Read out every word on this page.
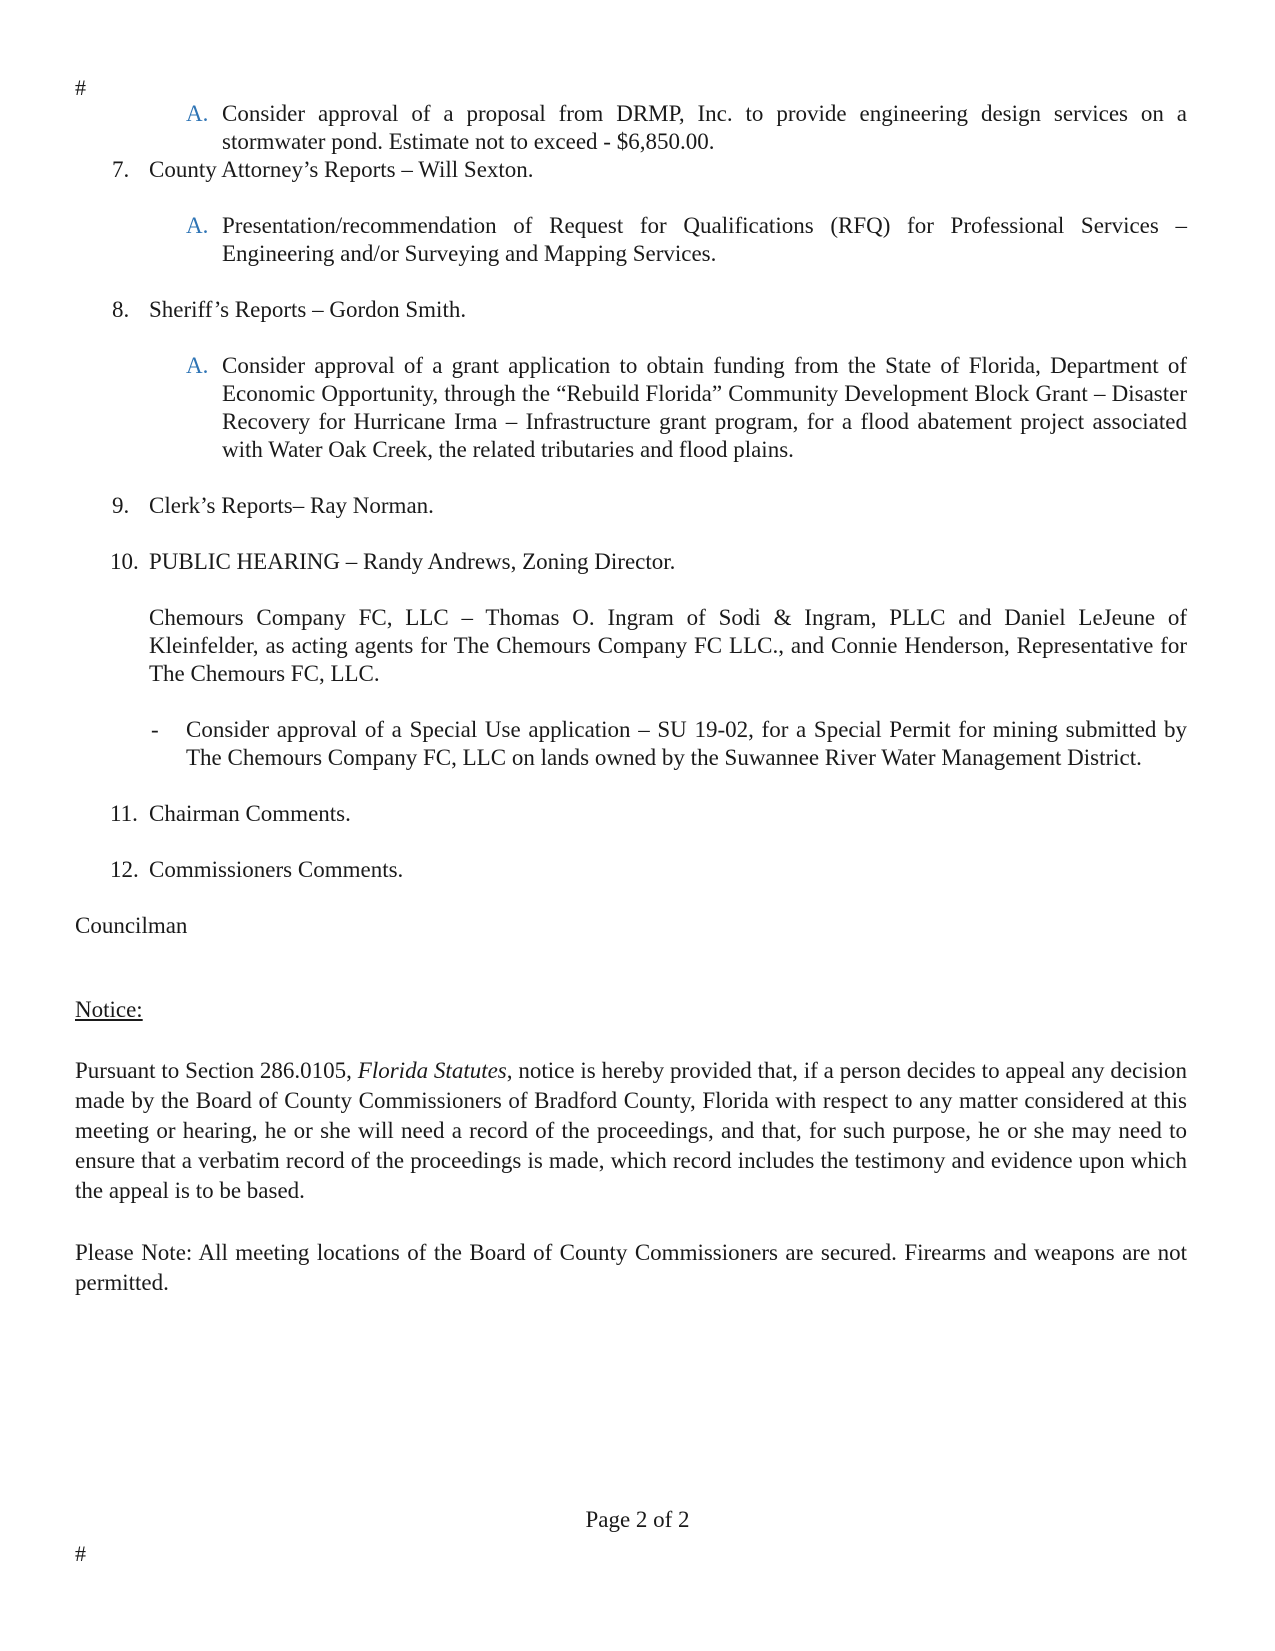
#
A. Consider approval of a proposal from DRMP, Inc. to provide engineering design services on a stormwater pond. Estimate not to exceed - $6,850.00.
7. County Attorney’s Reports – Will Sexton.
A. Presentation/recommendation of Request for Qualifications (RFQ) for Professional Services – Engineering and/or Surveying and Mapping Services.
8. Sheriff’s Reports – Gordon Smith.
A. Consider approval of a grant application to obtain funding from the State of Florida, Department of Economic Opportunity, through the “Rebuild Florida” Community Development Block Grant – Disaster Recovery for Hurricane Irma – Infrastructure grant program, for a flood abatement project associated with Water Oak Creek, the related tributaries and flood plains.
9. Clerk’s Reports– Ray Norman.
10. PUBLIC HEARING – Randy Andrews, Zoning Director.
Chemours Company FC, LLC – Thomas O. Ingram of Sodi & Ingram, PLLC and Daniel LeJeune of Kleinfelder, as acting agents for The Chemours Company FC LLC., and Connie Henderson, Representative for The Chemours FC, LLC.
- Consider approval of a Special Use application – SU 19-02, for a Special Permit for mining submitted by The Chemours Company FC, LLC on lands owned by the Suwannee River Water Management District.
11. Chairman Comments.
12. Commissioners Comments.
Councilman
Notice:
Pursuant to Section 286.0105, Florida Statutes, notice is hereby provided that, if a person decides to appeal any decision made by the Board of County Commissioners of Bradford County, Florida with respect to any matter considered at this meeting or hearing, he or she will need a record of the proceedings, and that, for such purpose, he or she may need to ensure that a verbatim record of the proceedings is made, which record includes the testimony and evidence upon which the appeal is to be based.
Please Note: All meeting locations of the Board of County Commissioners are secured. Firearms and weapons are not permitted.
Page 2 of 2
#
